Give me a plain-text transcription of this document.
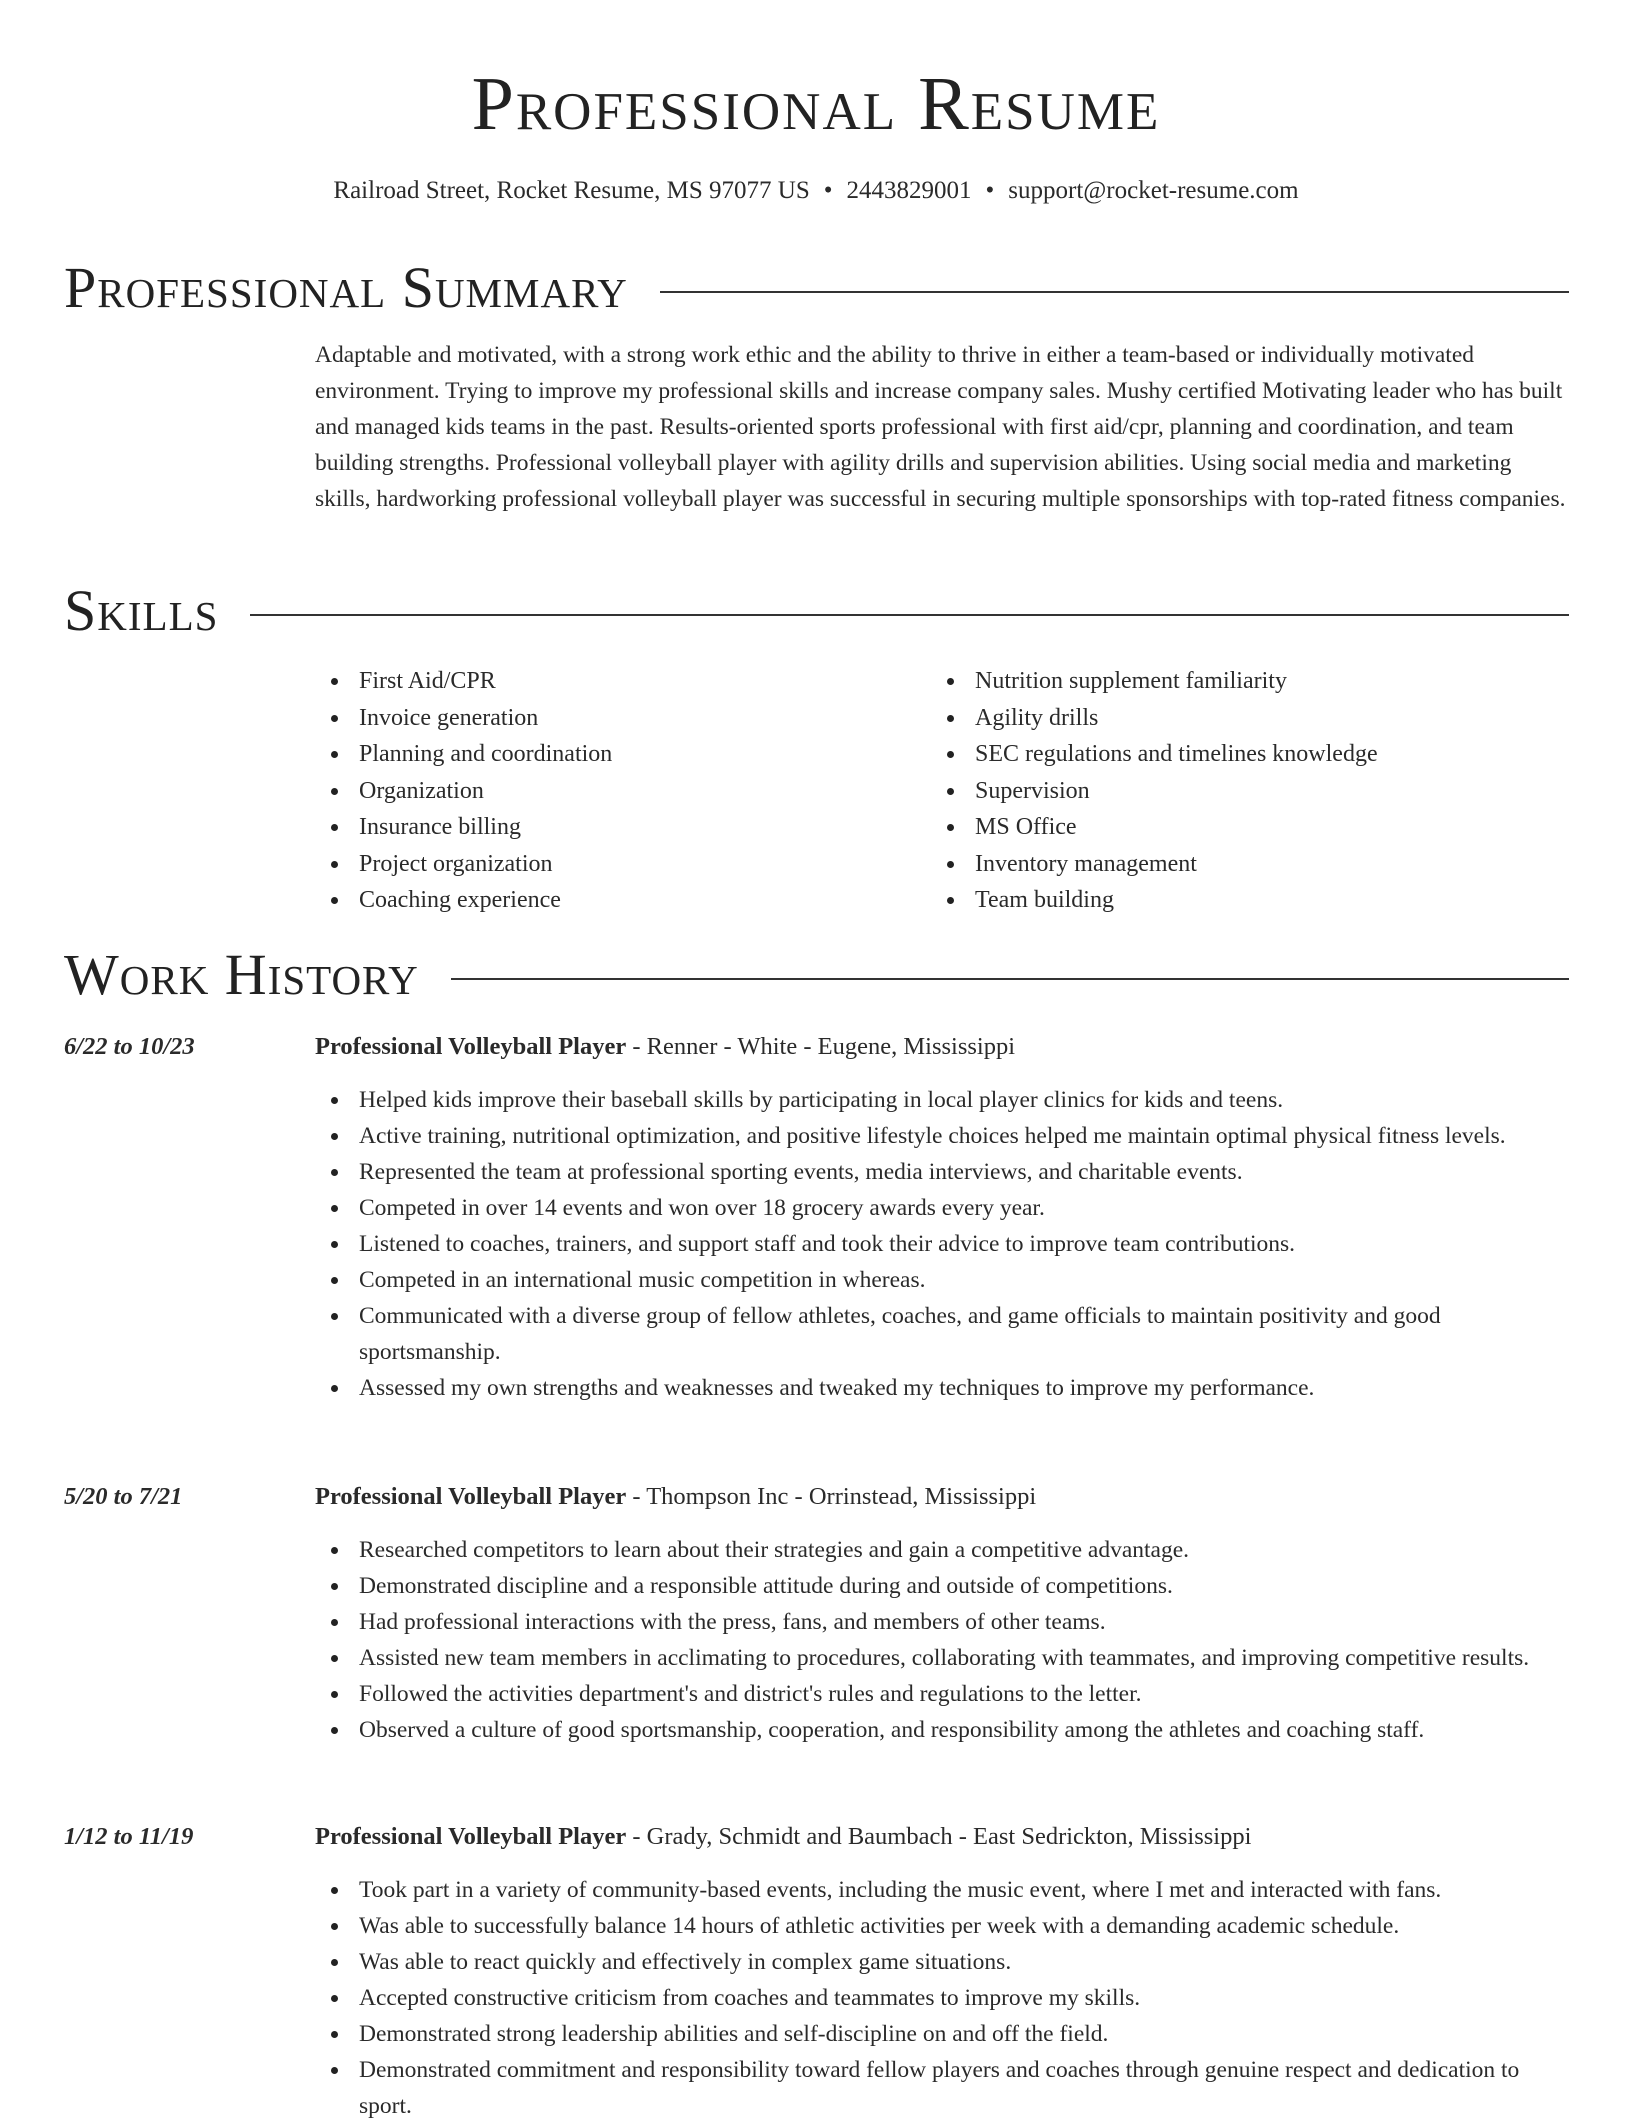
Professional Resume
Railroad Street, Rocket Resume, MS 97077 US • 2443829001 • support@rocket-resume.com
Professional Summary

Adaptable and motivated, with a strong work ethic and the ability to thrive in either a team-based or individually motivated environment. Trying to improve my professional skills and increase company sales. Mushy certified Motivating leader who has built and managed kids teams in the past. Results-oriented sports professional with first aid/cpr, planning and coordination, and team building strengths. Professional volleyball player with agility drills and supervision abilities. Using social media and marketing skills, hardworking professional volleyball player was successful in securing multiple sponsorships with top-rated fitness companies.

Skills
First Aid/CPR
Invoice generation
Planning and coordination
Organization
Insurance billing
Project organization
Coaching experience
Nutrition supplement familiarity
Agility drills
SEC regulations and timelines knowledge
Supervision
MS Office
Inventory management
Team building
Work History
6/22 to 10/23	Professional Volleyball Player - Renner - White - Eugene, Mississippi
Helped kids improve their baseball skills by participating in local player clinics for kids and teens.
Active training, nutritional optimization, and positive lifestyle choices helped me maintain optimal physical fitness levels.
Represented the team at professional sporting events, media interviews, and charitable events.
Competed in over 14 events and won over 18 grocery awards every year.
Listened to coaches, trainers, and support staff and took their advice to improve team contributions.
Competed in an international music competition in whereas.
Communicated with a diverse group of fellow athletes, coaches, and game officials to maintain positivity and good sportsmanship.
Assessed my own strengths and weaknesses and tweaked my techniques to improve my performance.
5/20 to 7/21	Professional Volleyball Player - Thompson Inc - Orrinstead, Mississippi
Researched competitors to learn about their strategies and gain a competitive advantage.
Demonstrated discipline and a responsible attitude during and outside of competitions.
Had professional interactions with the press, fans, and members of other teams.
Assisted new team members in acclimating to procedures, collaborating with teammates, and improving competitive results.
Followed the activities department's and district's rules and regulations to the letter.
Observed a culture of good sportsmanship, cooperation, and responsibility among the athletes and coaching staff.
1/12 to 11/19	Professional Volleyball Player - Grady, Schmidt and Baumbach - East Sedrickton, Mississippi
Took part in a variety of community-based events, including the music event, where I met and interacted with fans.
Was able to successfully balance 14 hours of athletic activities per week with a demanding academic schedule.
Was able to react quickly and effectively in complex game situations.
Accepted constructive criticism from coaches and teammates to improve my skills.
Demonstrated strong leadership abilities and self-discipline on and off the field.
Demonstrated commitment and responsibility toward fellow players and coaches through genuine respect and dedication to sport.
